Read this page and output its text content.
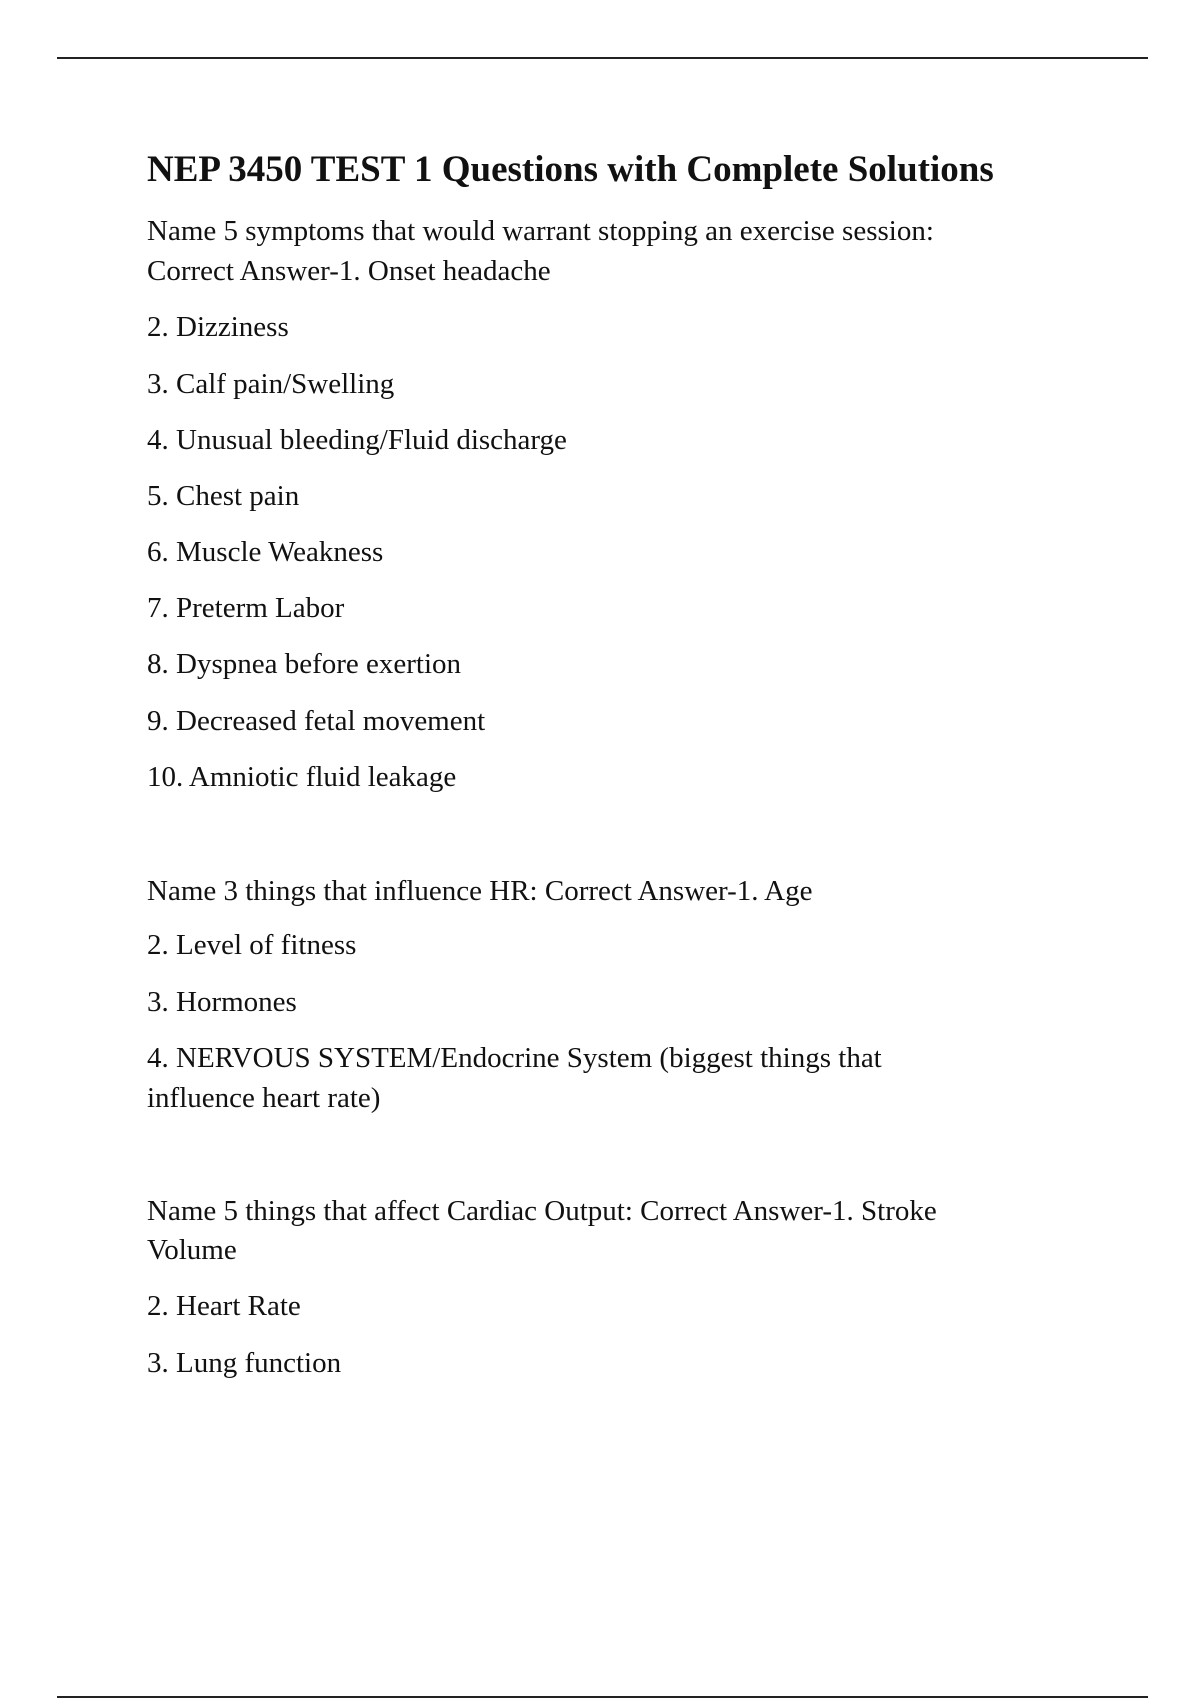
NEP 3450 TEST 1 Questions with Complete Solutions
Name 5 symptoms that would warrant stopping an exercise session:
Correct Answer-1. Onset headache
2. Dizziness
3. Calf pain/Swelling
4. Unusual bleeding/Fluid discharge
5. Chest pain
6. Muscle Weakness
7. Preterm Labor
8. Dyspnea before exertion
9. Decreased fetal movement
10. Amniotic fluid leakage
Name 3 things that influence HR: Correct Answer-1. Age
2. Level of fitness
3. Hormones
4. NERVOUS SYSTEM/Endocrine System (biggest things that
influence heart rate)
Name 5 things that affect Cardiac Output: Correct Answer-1. Stroke
Volume
2. Heart Rate
3. Lung function
